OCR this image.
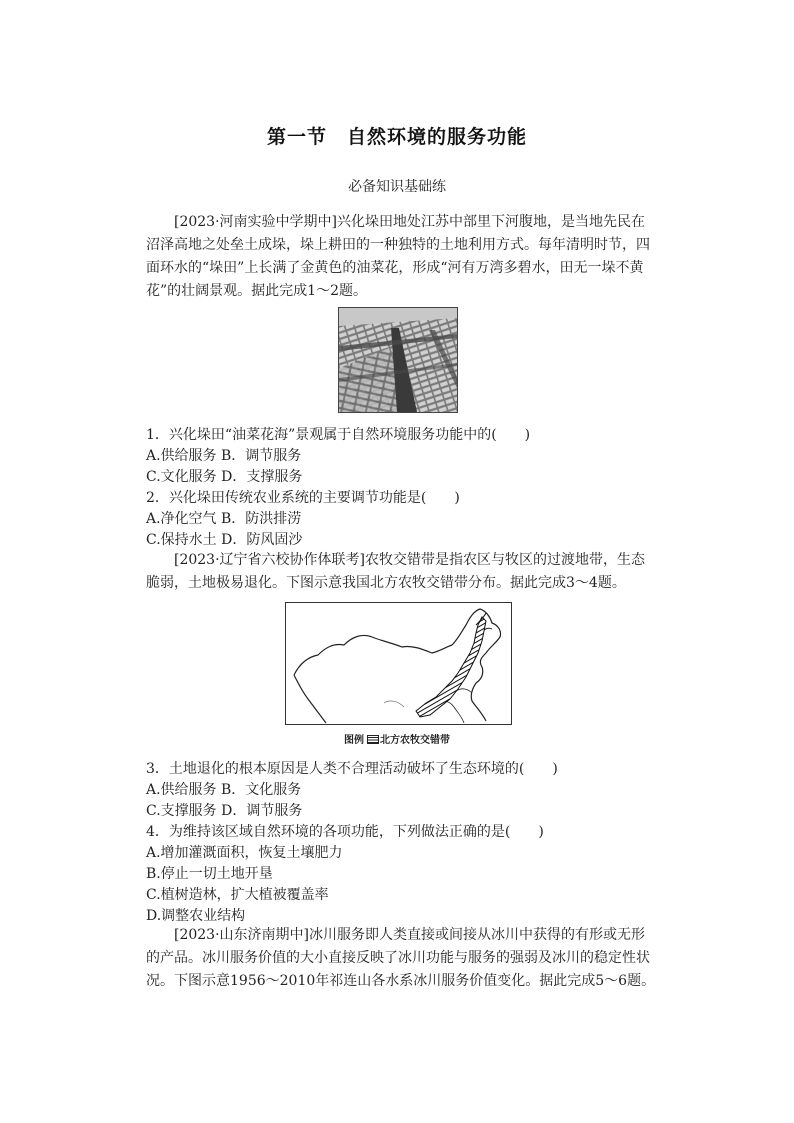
第一节　自然环境的服务功能
必备知识基础练

[2023·河南实验中学期中]兴化垛田地处江苏中部里下河腹地，是当地先民在沼泽高地之处垒土成垛，垛上耕田的一种独特的土地利用方式。每年清明时节，四面环水的“垛田”上长满了金黄色的油菜花，形成“河有万湾多碧水，田无一垛不黄花”的壮阔景观。据此完成1～2题。

1．兴化垛田“油菜花海”景观属于自然环境服务功能中的(　　)
A.供给服务 B．调节服务
C.文化服务 D．支撑服务
2．兴化垛田传统农业系统的主要调节功能是(　　)
A.净化空气 B．防洪排涝
C.保持水土 D．防风固沙

[2023·辽宁省六校协作体联考]农牧交错带是指农区与牧区的过渡地带，生态脆弱，土地极易退化。下图示意我国北方农牧交错带分布。据此完成3～4题。

图例 北方农牧交错带
3．土地退化的根本原因是人类不合理活动破坏了生态环境的(　　)
A.供给服务 B．文化服务
C.支撑服务 D．调节服务
4．为维持该区域自然环境的各项功能，下列做法正确的是(　　)
A.增加灌溉面积，恢复土壤肥力
B.停止一切土地开垦
C.植树造林，扩大植被覆盖率
D.调整农业结构

[2023·山东济南期中]冰川服务即人类直接或间接从冰川中获得的有形或无形的产品。冰川服务价值的大小直接反映了冰川功能与服务的强弱及冰川的稳定性状况。下图示意1956～2010年祁连山各水系冰川服务价值变化。据此完成5～6题。
